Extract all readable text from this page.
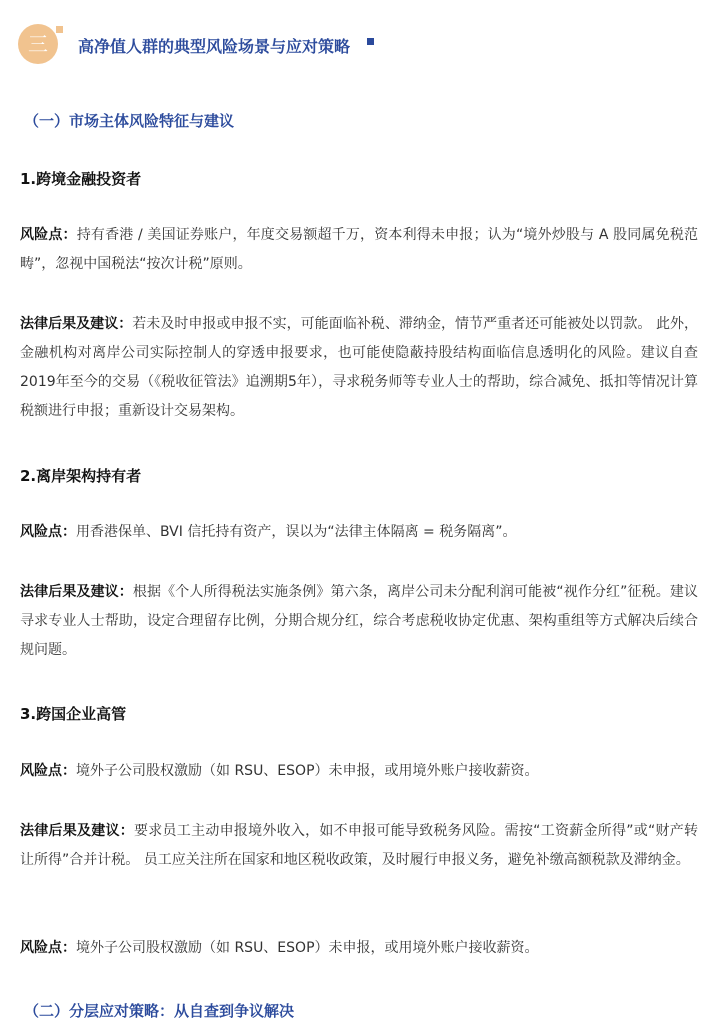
三	高净值人群的典型风险场景与应对策略
（一）市场主体风险特征与建议
1.跨境金融投资者
风险点：持有香港 / 美国证券账户，年度交易额超千万，资本利得未申报；认为“境外炒股与 A 股同属免税范畴”，忽视中国税法“按次计税”原则。
法律后果及建议：若未及时申报或申报不实，可能面临补税、滞纳金，情节严重者还可能被处以罚款。 此外，金融机构对离岸公司实际控制人的穿透申报要求，也可能使隐蔽持股结构面临信息透明化的风险。建议自查2019年至今的交易（《税收征管法》追溯期5年），寻求税务师等专业人士的帮助，综合减免、抵扣等情况计算税额进行申报；重新设计交易架构。
2.离岸架构持有者
风险点：用香港保单、BVI 信托持有资产，误以为“法律主体隔离 = 税务隔离”。
法律后果及建议：根据《个人所得税法实施条例》第六条，离岸公司未分配利润可能被“视作分红”征税。建议寻求专业人士帮助，设定合理留存比例，分期合规分红，综合考虑税收协定优惠、架构重组等方式解决后续合规问题。
3.跨国企业高管
风险点：境外子公司股权激励（如 RSU、ESOP）未申报，或用境外账户接收薪资。
法律后果及建议：要求员工主动申报境外收入，如不申报可能导致税务风险。需按“工资薪金所得”或“财产转让所得”合并计税。 员工应关注所在国家和地区税收政策，及时履行申报义务，避免补缴高额税款及滞纳金。
风险点：境外子公司股权激励（如 RSU、ESOP）未申报，或用境外账户接收薪资。
（二）分层应对策略：从自查到争议解决
